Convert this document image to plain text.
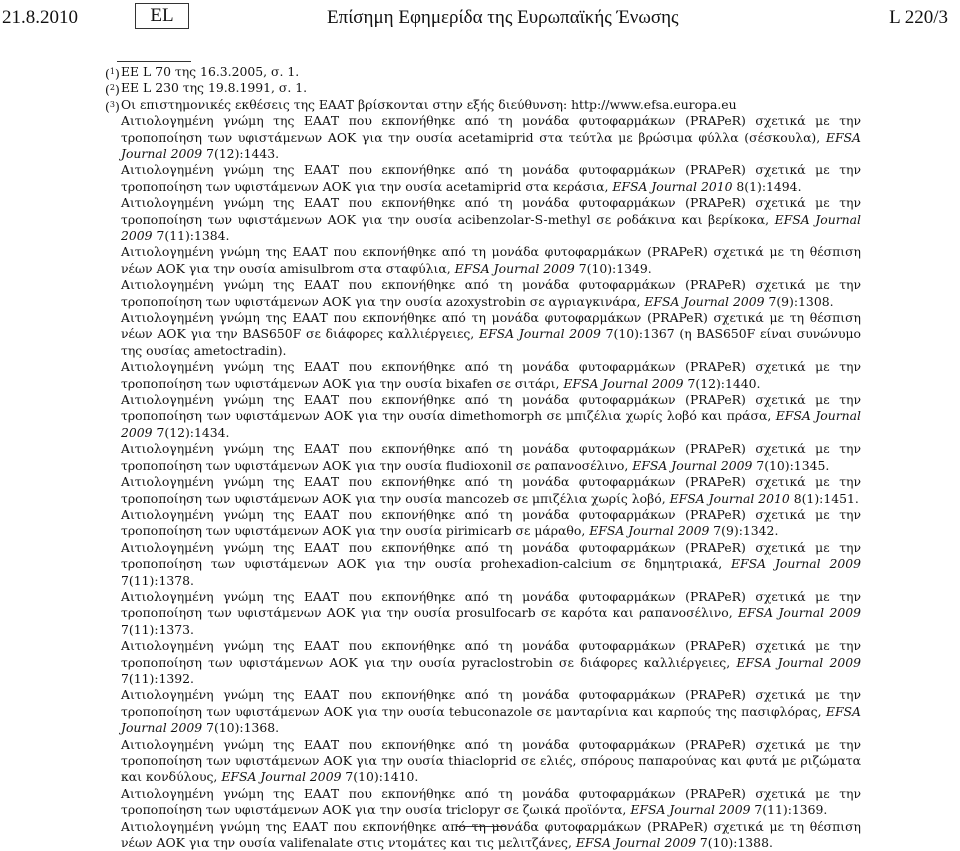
21.8.2010	EL	Επίσημη Εφημερίδα της Ευρωπαϊκής Ένωσης	L 220/3
($^1$) ΕΕ L 70 της 16.3.2005, σ. 1.
($^2$) ΕΕ L 230 της 19.8.1991, σ. 1.
($^3$) Οι επιστημονικές εκθέσεις της ΕΑΑΤ βρίσκονται στην εξής διεύθυνση: http://www.efsa.europa.eu
Αιτιολογημένη γνώμη της ΕΑΑΤ που εκπονήθηκε από τη μονάδα φυτοφαρμάκων (PRAPeR) σχετικά με την τροποποίηση των υφιστάμενων ΑΟΚ για την ουσία acetamiprid στα τεύτλα με βρώσιμα φύλλα (σέσκουλα), EFSA Journal 2009 7(12):1443.
Αιτιολογημένη γνώμη της ΕΑΑΤ που εκπονήθηκε από τη μονάδα φυτοφαρμάκων (PRAPeR) σχετικά με την τροποποίηση των υφιστάμενων ΑΟΚ για την ουσία acetamiprid στα κεράσια, EFSA Journal 2010 8(1):1494.
Αιτιολογημένη γνώμη της ΕΑΑΤ που εκπονήθηκε από τη μονάδα φυτοφαρμάκων (PRAPeR) σχετικά με την τροποποίηση των υφιστάμενων ΑΟΚ για την ουσία acibenzolar-S-methyl σε ροδάκινα και βερίκοκα, EFSA Journal 2009 7(11):1384.
Αιτιολογημένη γνώμη της ΕΑΑΤ που εκπονήθηκε από τη μονάδα φυτοφαρμάκων (PRAPeR) σχετικά με τη θέσπιση νέων ΑΟΚ για την ουσία amisulbrom στα σταφύλια, EFSA Journal 2009 7(10):1349.
Αιτιολογημένη γνώμη της ΕΑΑΤ που εκπονήθηκε από τη μονάδα φυτοφαρμάκων (PRAPeR) σχετικά με την τροποποίηση των υφιστάμενων ΑΟΚ για την ουσία azoxystrobin σε αγριαγκινάρα, EFSA Journal 2009 7(9):1308.
Αιτιολογημένη γνώμη της ΕΑΑΤ που εκπονήθηκε από τη μονάδα φυτοφαρμάκων (PRAPeR) σχετικά με τη θέσπιση νέων ΑΟΚ για την BAS650F σε διάφορες καλλιέργειες, EFSA Journal 2009 7(10):1367 (η BAS650F είναι συνώνυμο της ουσίας ametoctradin).
Αιτιολογημένη γνώμη της ΕΑΑΤ που εκπονήθηκε από τη μονάδα φυτοφαρμάκων (PRAPeR) σχετικά με την τροποποίηση των υφιστάμενων ΑΟΚ για την ουσία bixafen σε σιτάρι, EFSA Journal 2009 7(12):1440.
Αιτιολογημένη γνώμη της ΕΑΑΤ που εκπονήθηκε από τη μονάδα φυτοφαρμάκων (PRAPeR) σχετικά με την τροποποίηση των υφιστάμενων ΑΟΚ για την ουσία dimethomorph σε μπιζέλια χωρίς λοβό και πράσα, EFSA Journal 2009 7(12):1434.
Αιτιολογημένη γνώμη της ΕΑΑΤ που εκπονήθηκε από τη μονάδα φυτοφαρμάκων (PRAPeR) σχετικά με την τροποποίηση των υφιστάμενων ΑΟΚ για την ουσία fludioxonil σε ραπανοσέλινο, EFSA Journal 2009 7(10):1345.
Αιτιολογημένη γνώμη της ΕΑΑΤ που εκπονήθηκε από τη μονάδα φυτοφαρμάκων (PRAPeR) σχετικά με την τροποποίηση των υφιστάμενων ΑΟΚ για την ουσία mancozeb σε μπιζέλια χωρίς λοβό, EFSA Journal 2010 8(1):1451.
Αιτιολογημένη γνώμη της ΕΑΑΤ που εκπονήθηκε από τη μονάδα φυτοφαρμάκων (PRAPeR) σχετικά με την τροποποίηση των υφιστάμενων ΑΟΚ για την ουσία pirimicarb σε μάραθο, EFSA Journal 2009 7(9):1342.
Αιτιολογημένη γνώμη της ΕΑΑΤ που εκπονήθηκε από τη μονάδα φυτοφαρμάκων (PRAPeR) σχετικά με την τροποποίηση των υφιστάμενων ΑΟΚ για την ουσία prohexadion-calcium σε δημητριακά, EFSA Journal 2009 7(11):1378.
Αιτιολογημένη γνώμη της ΕΑΑΤ που εκπονήθηκε από τη μονάδα φυτοφαρμάκων (PRAPeR) σχετικά με την τροποποίηση των υφιστάμενων ΑΟΚ για την ουσία prosulfocarb σε καρότα και ραπανοσέλινο, EFSA Journal 2009 7(11):1373.
Αιτιολογημένη γνώμη της ΕΑΑΤ που εκπονήθηκε από τη μονάδα φυτοφαρμάκων (PRAPeR) σχετικά με την τροποποίηση των υφιστάμενων ΑΟΚ για την ουσία pyraclostrobin σε διάφορες καλλιέργειες, EFSA Journal 2009 7(11):1392.
Αιτιολογημένη γνώμη της ΕΑΑΤ που εκπονήθηκε από τη μονάδα φυτοφαρμάκων (PRAPeR) σχετικά με την τροποποίηση των υφιστάμενων ΑΟΚ για την ουσία tebuconazole σε μανταρίνια και καρπούς της πασιφλόρας, EFSA Journal 2009 7(10):1368.
Αιτιολογημένη γνώμη της ΕΑΑΤ που εκπονήθηκε από τη μονάδα φυτοφαρμάκων (PRAPeR) σχετικά με την τροποποίηση των υφιστάμενων ΑΟΚ για την ουσία thiacloprid σε ελιές, σπόρους παπαρούνας και φυτά με ριζώματα και κονδύλους, EFSA Journal 2009 7(10):1410.
Αιτιολογημένη γνώμη της ΕΑΑΤ που εκπονήθηκε από τη μονάδα φυτοφαρμάκων (PRAPeR) σχετικά με την τροποποίηση των υφιστάμενων ΑΟΚ για την ουσία triclopyr σε ζωικά προϊόντα, EFSA Journal 2009 7(11):1369.
Αιτιολογημένη γνώμη της ΕΑΑΤ που εκπονήθηκε από τη μονάδα φυτοφαρμάκων (PRAPeR) σχετικά με τη θέσπιση νέων ΑΟΚ για την ουσία valifenalate στις ντομάτες και τις μελιτζάνες, EFSA Journal 2009 7(10):1388.
